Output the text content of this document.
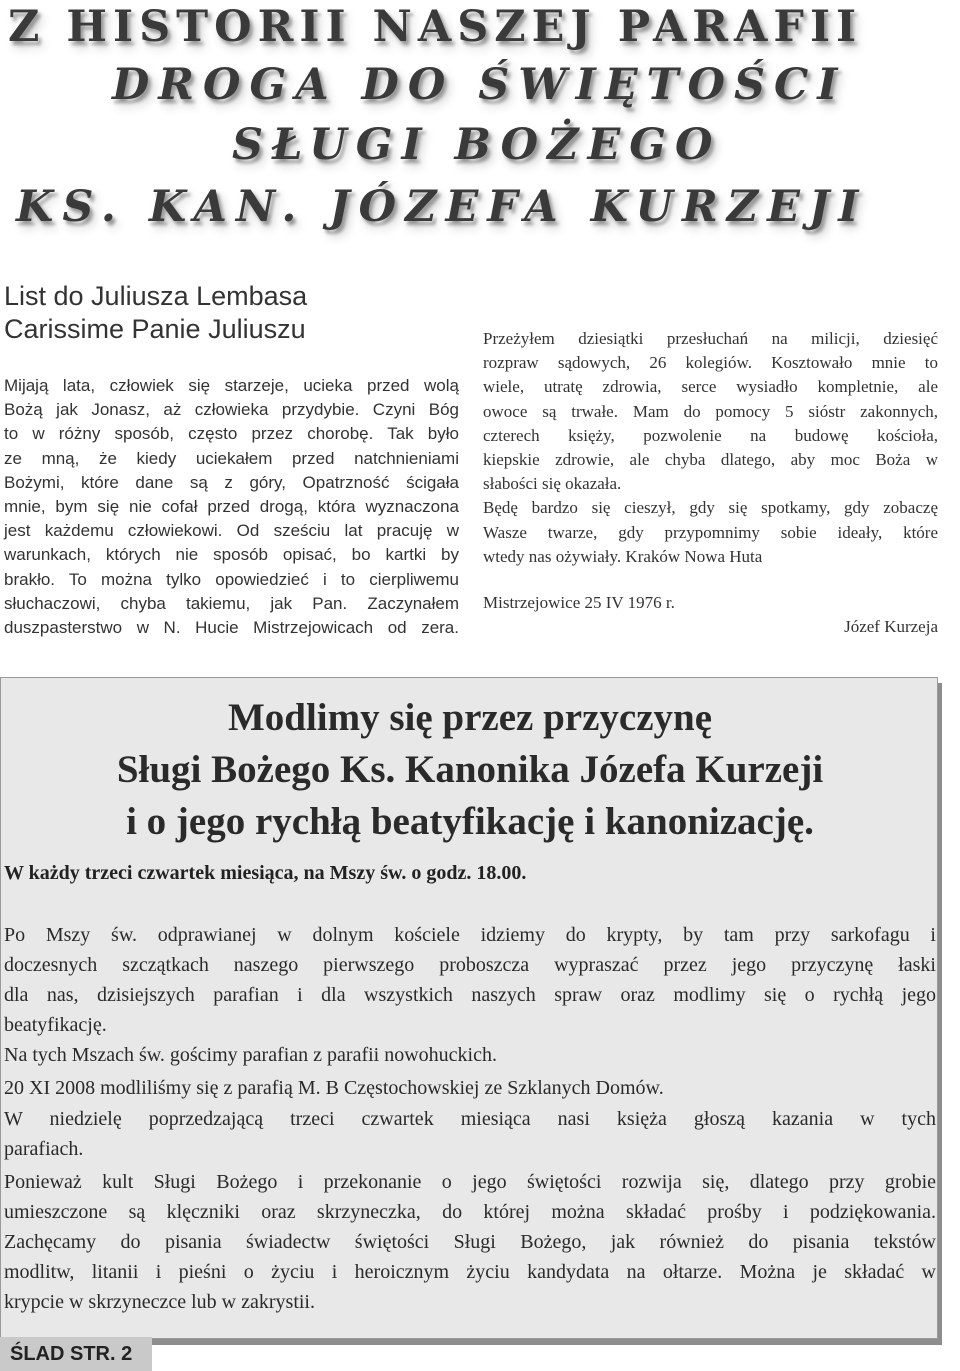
Z HISTORII NASZEJ PARAFII
DROGA DO ŚWIĘTOŚCI
SŁUGI BOŻEGO
KS. KAN. JÓZEFA KURZEJI
List do Juliusza Lembasa
Carissime Panie Juliuszu
Mijają lata, człowiek się starzeje, ucieka przed wolą
Bożą jak Jonasz, aż człowieka przydybie. Czyni Bóg
to w różny sposób, często przez chorobę. Tak było
ze mną, że kiedy uciekałem przed natchnieniami
Bożymi, które dane są z góry, Opatrzność ścigała
mnie, bym się nie cofał przed drogą, która wyznaczona
jest każdemu człowiekowi. Od sześciu lat pracuję w
warunkach, których nie sposób opisać, bo kartki by
brakło. To można tylko opowiedzieć i to cierpliwemu
słuchaczowi, chyba takiemu, jak Pan. Zaczynałem
duszpasterstwo w N. Hucie Mistrzejowicach od zera.
Przeżyłem dziesiątki przesłuchań na milicji, dziesięć
rozpraw sądowych, 26 kolegiów. Kosztowało mnie to
wiele, utratę zdrowia, serce wysiadło kompletnie, ale
owoce są trwałe. Mam do pomocy 5 sióstr zakonnych,
czterech księży, pozwolenie na budowę kościoła,
kiepskie zdrowie, ale chyba dlatego, aby moc Boża w
słabości się okazała.
Będę bardzo się cieszył, gdy się spotkamy, gdy zobaczę
Wasze twarze, gdy przypomnimy sobie ideały, które
wtedy nas ożywiały. Kraków Nowa Huta

Mistrzejowice 25 IV 1976 r.

Józef Kurzeja

Modlimy się przez przyczynę
Sługi Bożego Ks. Kanonika Józefa Kurzeji
i o jego rychłą beatyfikację i kanonizację.

W każdy trzeci czwartek miesiąca, na Mszy św. o godz. 18.00.

Po Mszy św. odprawianej w dolnym kościele idziemy do krypty, by tam przy sarkofagu i
doczesnych szczątkach naszego pierwszego proboszcza wypraszać przez jego przyczynę łaski
dla nas, dzisiejszych parafian i dla wszystkich naszych spraw oraz modlimy się o rychłą jego
beatyfikację.
Na tych Mszach św. gościmy parafian z parafii nowohuckich.
20 XI 2008 modliliśmy się z parafią M. B Częstochowskiej ze Szklanych Domów.
W niedzielę poprzedzającą trzeci czwartek miesiąca nasi księża głoszą kazania w tych
parafiach.
Ponieważ kult Sługi Bożego i przekonanie o jego świętości rozwija się, dlatego przy grobie
umieszczone są klęczniki oraz skrzyneczka, do której można składać prośby i podziękowania.
Zachęcamy do pisania świadectw świętości Sługi Bożego, jak również do pisania tekstów
modlitw, litanii i pieśni o życiu i heroicznym życiu kandydata na ołtarze. Można je składać w
krypcie w skrzyneczce lub w zakrystii.
ŚLAD STR. 2
